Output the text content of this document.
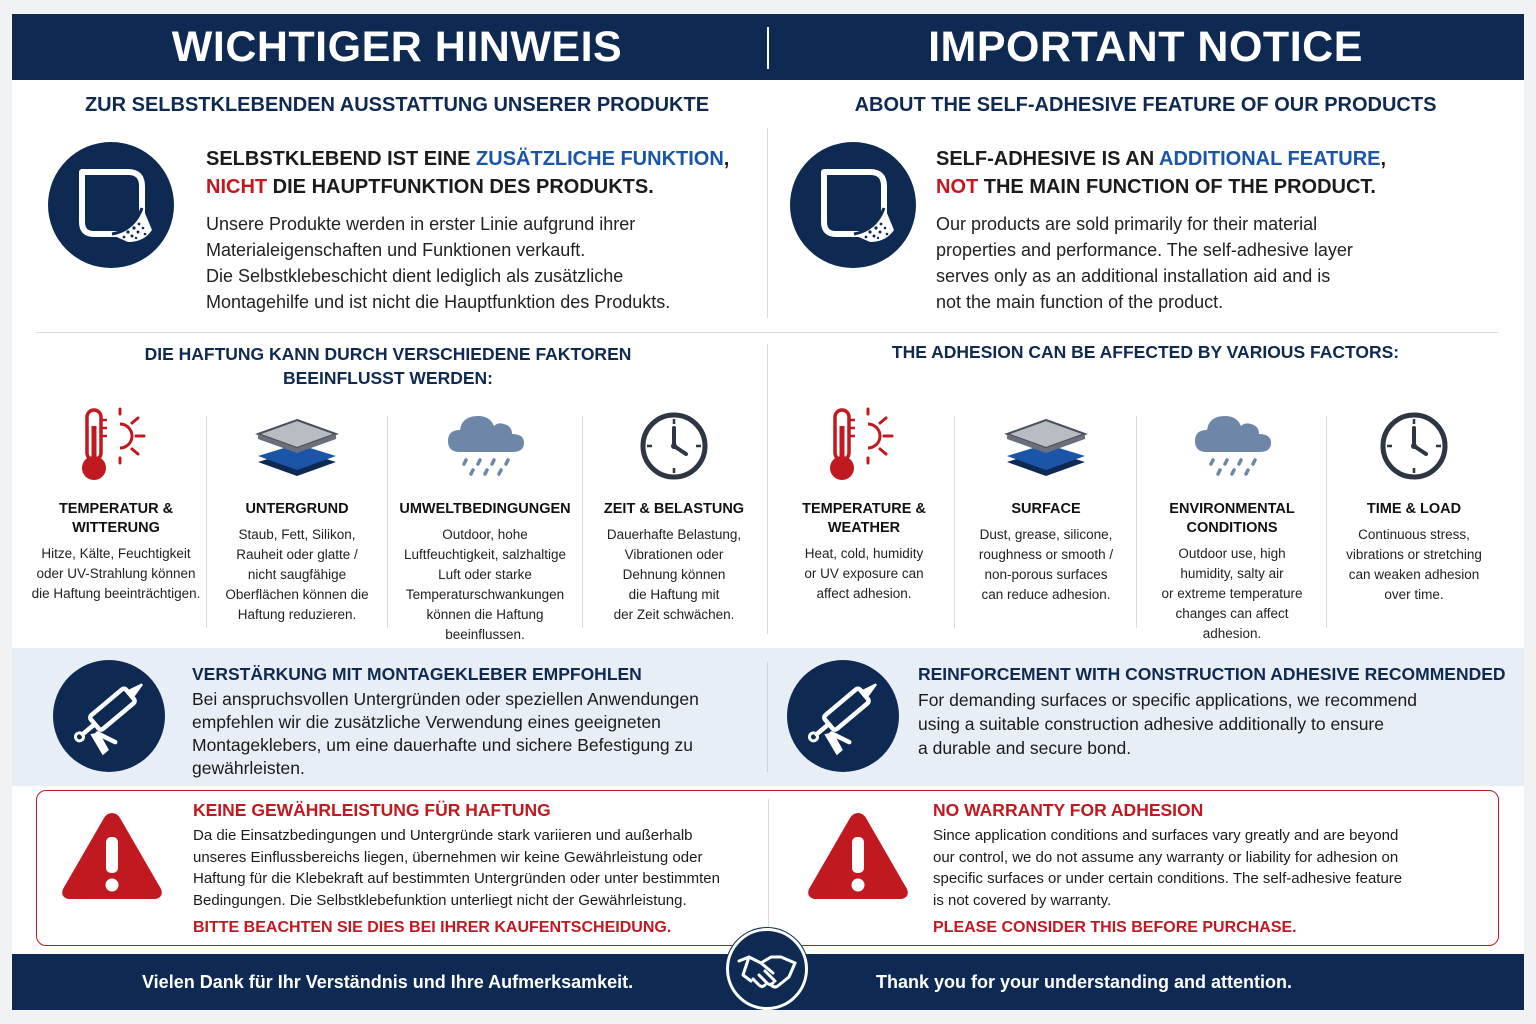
WICHTIGER HINWEIS	IMPORTANT NOTICE
ZUR SELBSTKLEBENDEN AUSSTATTUNG UNSERER PRODUKTE	ABOUT THE SELF-ADHESIVE FEATURE OF OUR PRODUCTS
SELBSTKLEBEND IST EINE ZUSÄTZLICHE FUNKTION,
NICHT DIE HAUPTFUNKTION DES PRODUKTS.
Unsere Produkte werden in erster Linie aufgrund ihrer
Materialeigenschaften und Funktionen verkauft.
Die Selbstklebeschicht dient lediglich als zusätzliche
Montagehilfe und ist nicht die Hauptfunktion des Produkts.
SELF-ADHESIVE IS AN ADDITIONAL FEATURE,
NOT THE MAIN FUNCTION OF THE PRODUCT.
Our products are sold primarily for their material
properties and performance. The self-adhesive layer
serves only as an additional installation aid and is
not the main function of the product.
DIE HAFTUNG KANN DURCH VERSCHIEDENE FAKTOREN
BEEINFLUSST WERDEN:
THE ADHESION CAN BE AFFECTED BY VARIOUS FACTORS:
TEMPERATUR &
WITTERUNG
Hitze, Kälte, Feuchtigkeit
oder UV-Strahlung können
die Haftung beeinträchtigen.
UNTERGRUND
Staub, Fett, Silikon,
Rauheit oder glatte /
nicht saugfähige
Oberflächen können die
Haftung reduzieren.
UMWELTBEDINGUNGEN
Outdoor, hohe
Luftfeuchtigkeit, salzhaltige
Luft oder starke
Temperaturschwankungen
können die Haftung
beeinflussen.
ZEIT & BELASTUNG
Dauerhafte Belastung,
Vibrationen oder
Dehnung können
die Haftung mit
der Zeit schwächen.
TEMPERATURE &
WEATHER
Heat, cold, humidity
or UV exposure can
affect adhesion.
SURFACE
Dust, grease, silicone,
roughness or smooth /
non-porous surfaces
can reduce adhesion.
ENVIRONMENTAL
CONDITIONS
Outdoor use, high
humidity, salty air
or extreme temperature
changes can affect
adhesion.
TIME & LOAD
Continuous stress,
vibrations or stretching
can weaken adhesion
over time.
VERSTÄRKUNG MIT MONTAGEKLEBER EMPFOHLEN
Bei anspruchsvollen Untergründen oder speziellen Anwendungen
empfehlen wir die zusätzliche Verwendung eines geeigneten
Montageklebers, um eine dauerhafte und sichere Befestigung zu
gewährleisten.
REINFORCEMENT WITH CONSTRUCTION ADHESIVE RECOMMENDED
For demanding surfaces or specific applications, we recommend
using a suitable construction adhesive additionally to ensure
a durable and secure bond.
KEINE GEWÄHRLEISTUNG FÜR HAFTUNG
Da die Einsatzbedingungen und Untergründe stark variieren und außerhalb
unseres Einflussbereichs liegen, übernehmen wir keine Gewährleistung oder
Haftung für die Klebekraft auf bestimmten Untergründen oder unter bestimmten
Bedingungen. Die Selbstklebefunktion unterliegt nicht der Gewährleistung.
BITTE BEACHTEN SIE DIES BEI IHRER KAUFENTSCHEIDUNG.
NO WARRANTY FOR ADHESION
Since application conditions and surfaces vary greatly and are beyond
our control, we do not assume any warranty or liability for adhesion on
specific surfaces or under certain conditions. The self-adhesive feature
is not covered by warranty.
PLEASE CONSIDER THIS BEFORE PURCHASE.
Vielen Dank für Ihr Verständnis und Ihre Aufmerksamkeit.	Thank you for your understanding and attention.
